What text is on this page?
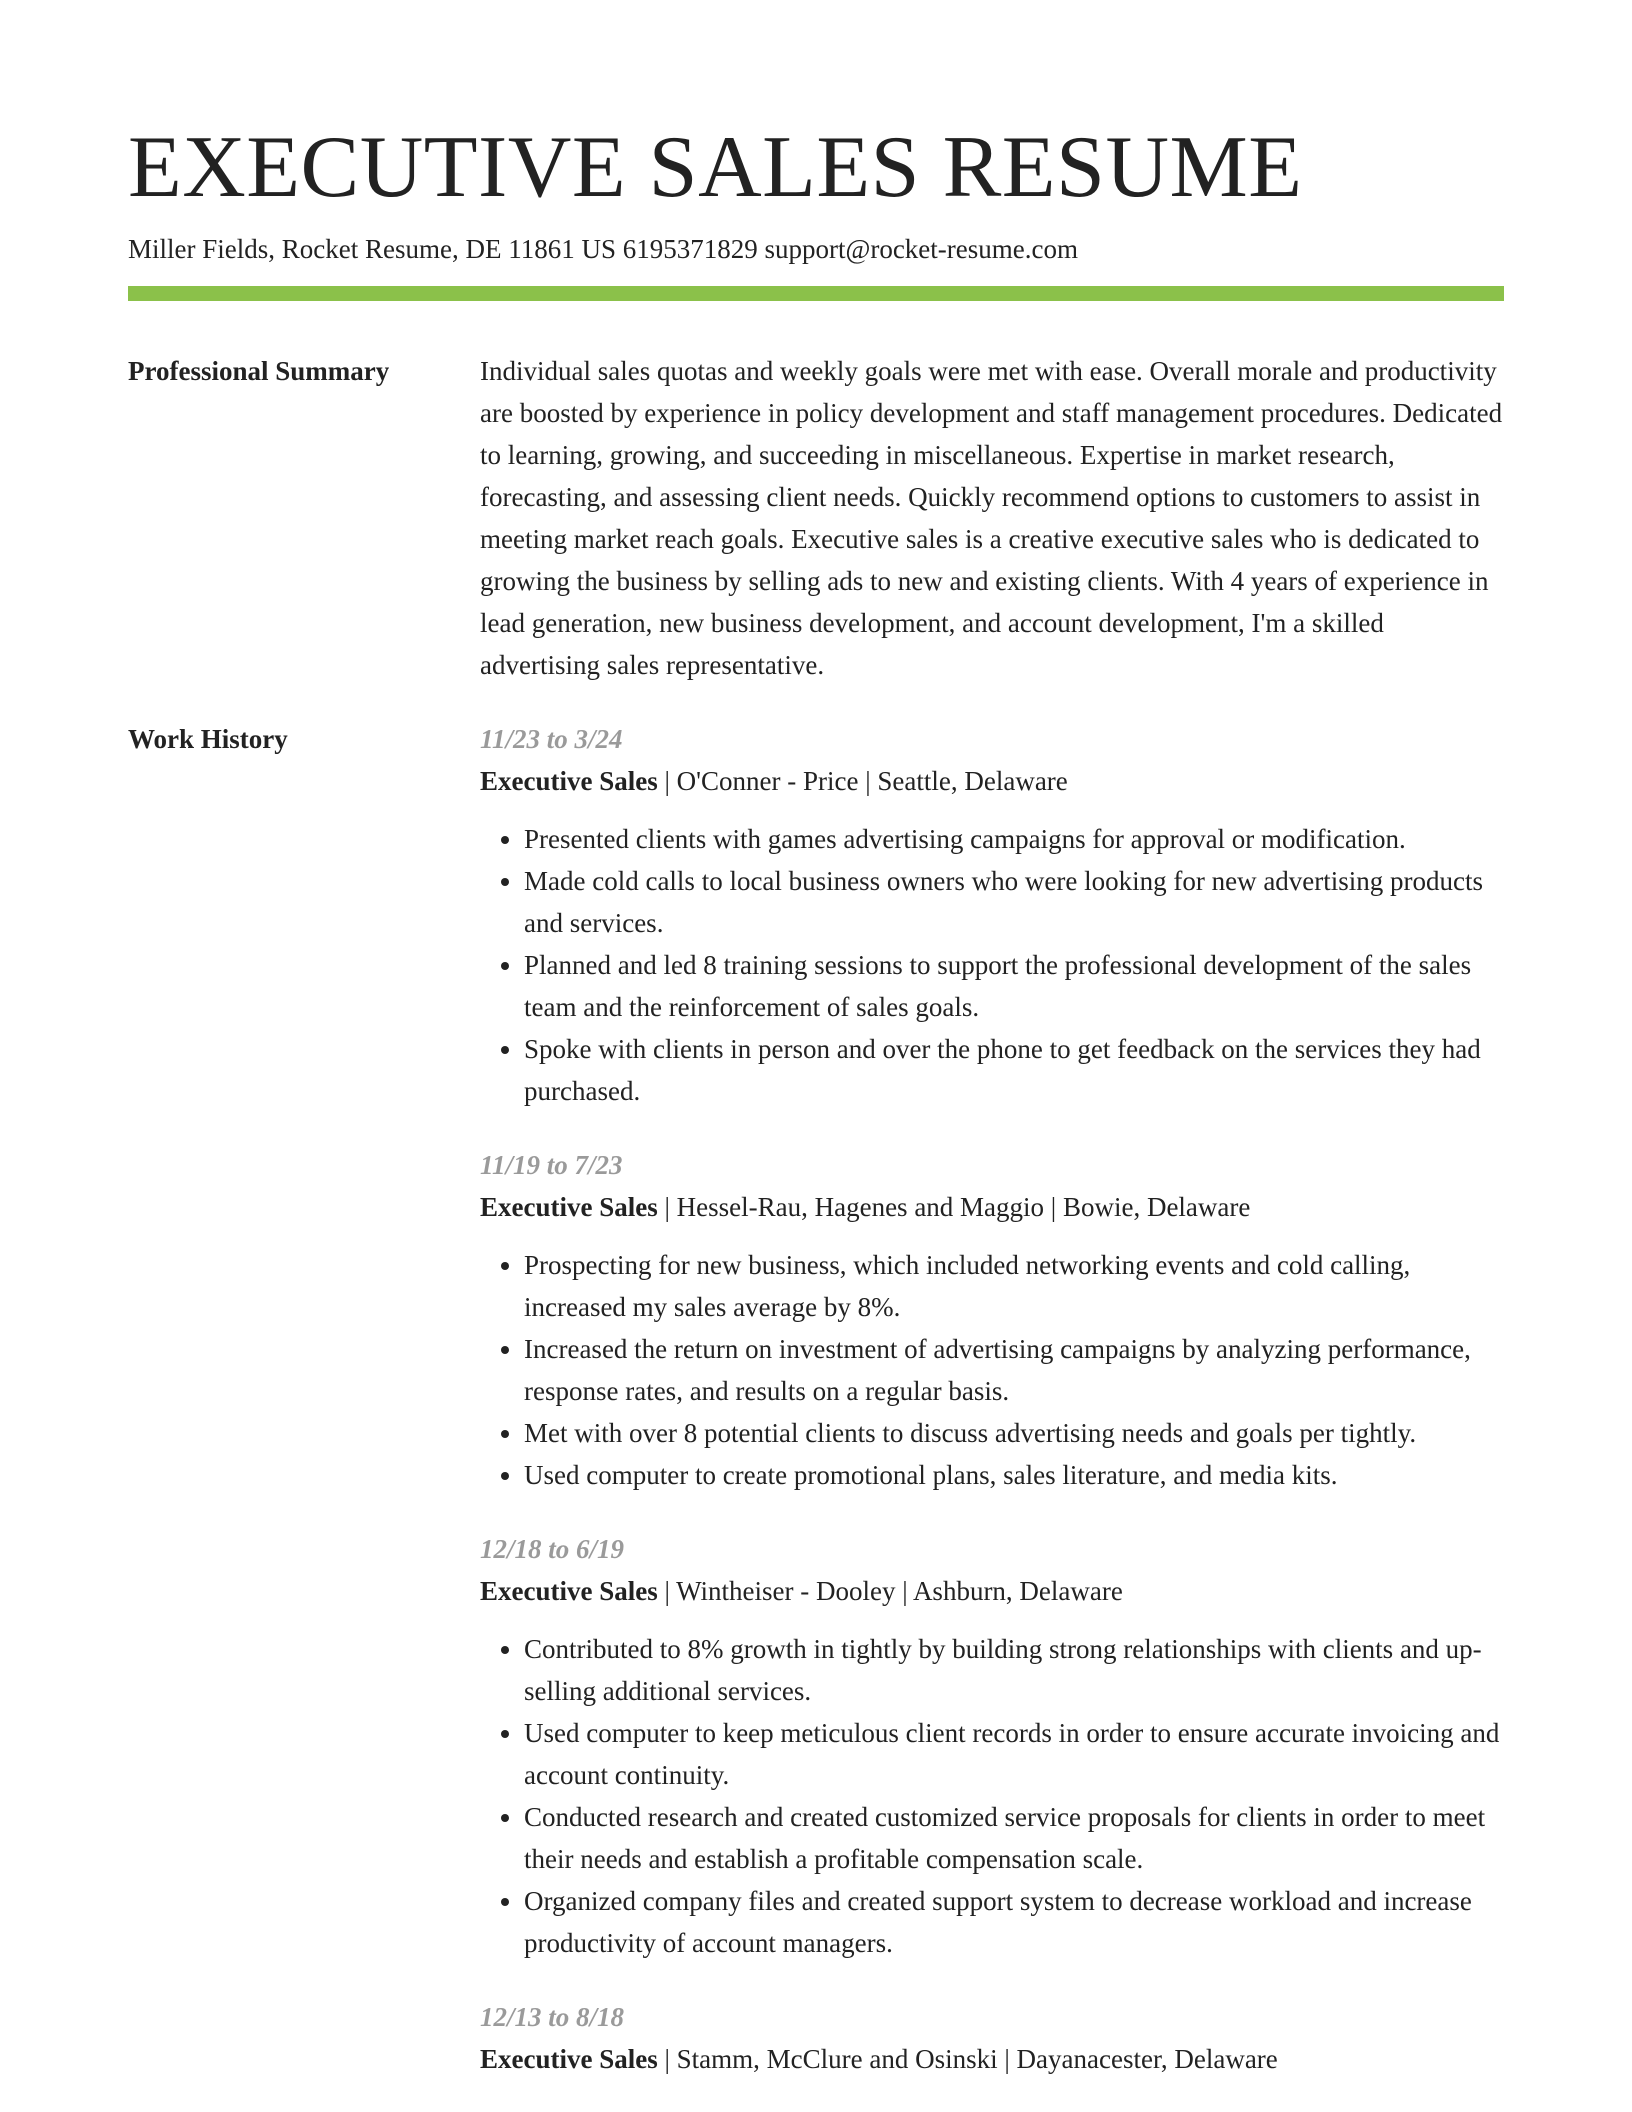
EXECUTIVE SALES RESUME
Miller Fields, Rocket Resume, DE 11861 US 6195371829 support@rocket-resume.com
Professional Summary	Individual sales quotas and weekly goals were met with ease. Overall morale and productivity are boosted by experience in policy development and staff management procedures. Dedicated to learning, growing, and succeeding in miscellaneous. Expertise in market research, forecasting, and assessing client needs. Quickly recommend options to customers to assist in meeting market reach goals. Executive sales is a creative executive sales who is dedicated to growing the business by selling ads to new and existing clients. With 4 years of experience in lead generation, new business development, and account development, I'm a skilled advertising sales representative.

Work History	11/23 to 3/24
Executive Sales | O'Conner - Price | Seattle, Delaware
• Presented clients with games advertising campaigns for approval or modification.
• Made cold calls to local business owners who were looking for new advertising products and services.
• Planned and led 8 training sessions to support the professional development of the sales team and the reinforcement of sales goals.
• Spoke with clients in person and over the phone to get feedback on the services they had purchased.
11/19 to 7/23
Executive Sales | Hessel-Rau, Hagenes and Maggio | Bowie, Delaware
• Prospecting for new business, which included networking events and cold calling, increased my sales average by 8%.
• Increased the return on investment of advertising campaigns by analyzing performance, response rates, and results on a regular basis.
• Met with over 8 potential clients to discuss advertising needs and goals per tightly.
• Used computer to create promotional plans, sales literature, and media kits.
12/18 to 6/19
Executive Sales | Wintheiser - Dooley | Ashburn, Delaware
• Contributed to 8% growth in tightly by building strong relationships with clients and up-selling additional services.
• Used computer to keep meticulous client records in order to ensure accurate invoicing and account continuity.
• Conducted research and created customized service proposals for clients in order to meet their needs and establish a profitable compensation scale.
• Organized company files and created support system to decrease workload and increase productivity of account managers.
12/13 to 8/18
Executive Sales | Stamm, McClure and Osinski | Dayanacester, Delaware
